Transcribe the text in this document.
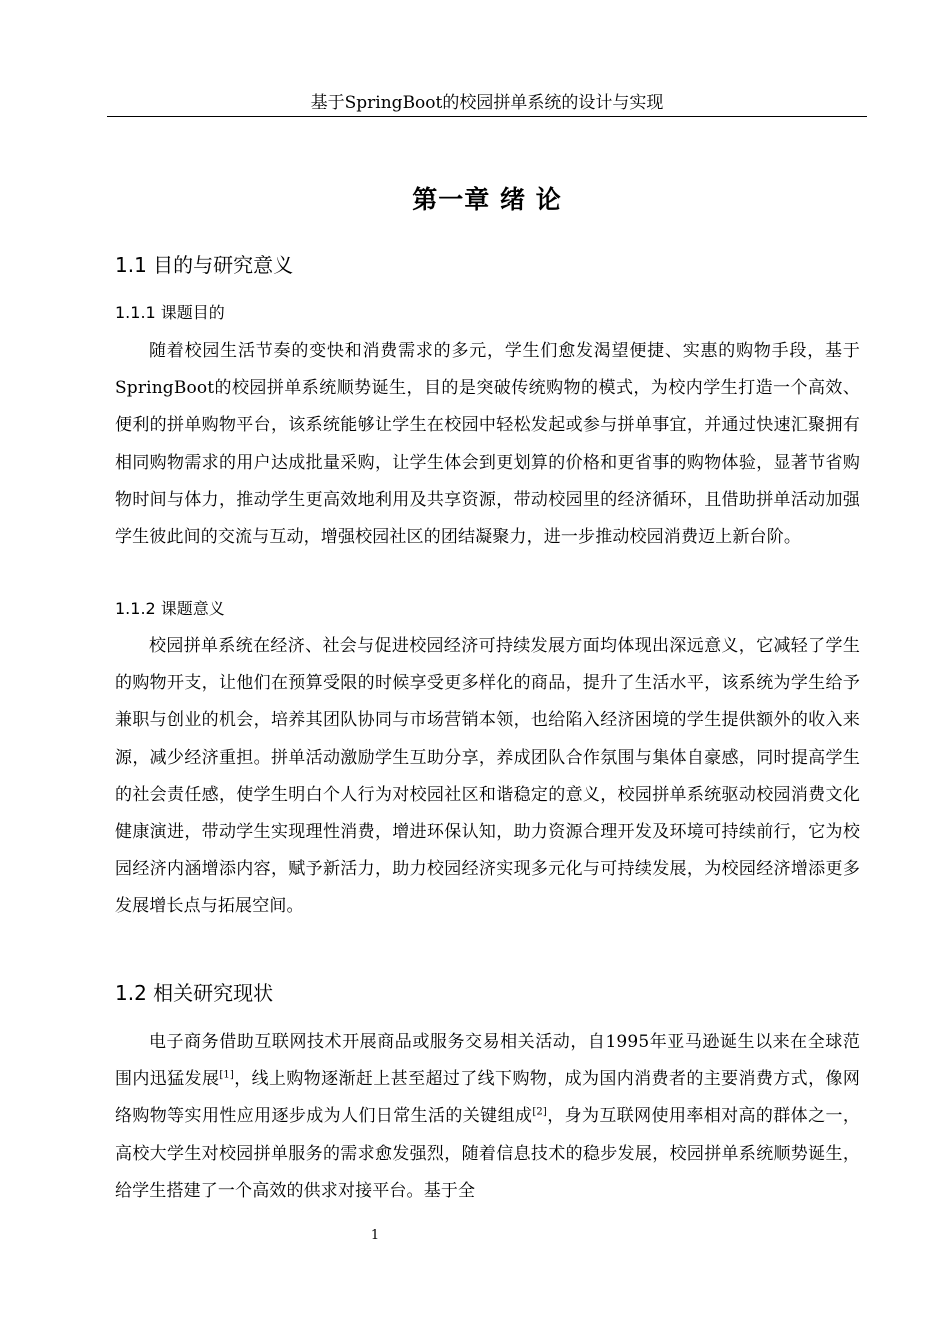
基于SpringBoot的校园拼单系统的设计与实现
第一章 绪 论
1.1 目的与研究意义
1.1.1 课题目的

随着校园生活节奏的变快和消费需求的多元，学生们愈发渴望便捷、实惠的购物手段，基于SpringBoot的校园拼单系统顺势诞生，目的是突破传统购物的模式，为校内学生打造一个高效、便利的拼单购物平台，该系统能够让学生在校园中轻松发起或参与拼单事宜，并通过快速汇聚拥有相同购物需求的用户达成批量采购，让学生体会到更划算的价格和更省事的购物体验，显著节省购物时间与体力，推动学生更高效地利用及共享资源，带动校园里的经济循环，且借助拼单活动加强学生彼此间的交流与互动，增强校园社区的团结凝聚力，进一步推动校园消费迈上新台阶。

1.1.2 课题意义

校园拼单系统在经济、社会与促进校园经济可持续发展方面均体现出深远意义，它减轻了学生的购物开支，让他们在预算受限的时候享受更多样化的商品，提升了生活水平，该系统为学生给予兼职与创业的机会，培养其团队协同与市场营销本领，也给陷入经济困境的学生提供额外的收入来源，减少经济重担。拼单活动激励学生互助分享，养成团队合作氛围与集体自豪感，同时提高学生的社会责任感，使学生明白个人行为对校园社区和谐稳定的意义，校园拼单系统驱动校园消费文化健康演进，带动学生实现理性消费，增进环保认知，助力资源合理开发及环境可持续前行，它为校园经济内涵增添内容，赋予新活力，助力校园经济实现多元化与可持续发展，为校园经济增添更多发展增长点与拓展空间。

1.2 相关研究现状

电子商务借助互联网技术开展商品或服务交易相关活动，自1995年亚马逊诞生以来在全球范围内迅猛发展[1]，线上购物逐渐赶上甚至超过了线下购物，成为国内消费者的主要消费方式，像网络购物等实用性应用逐步成为人们日常生活的关键组成[2]，身为互联网使用率相对高的群体之一，高校大学生对校园拼单服务的需求愈发强烈，随着信息技术的稳步发展，校园拼单系统顺势诞生，给学生搭建了一个高效的供求对接平台。基于全

1
